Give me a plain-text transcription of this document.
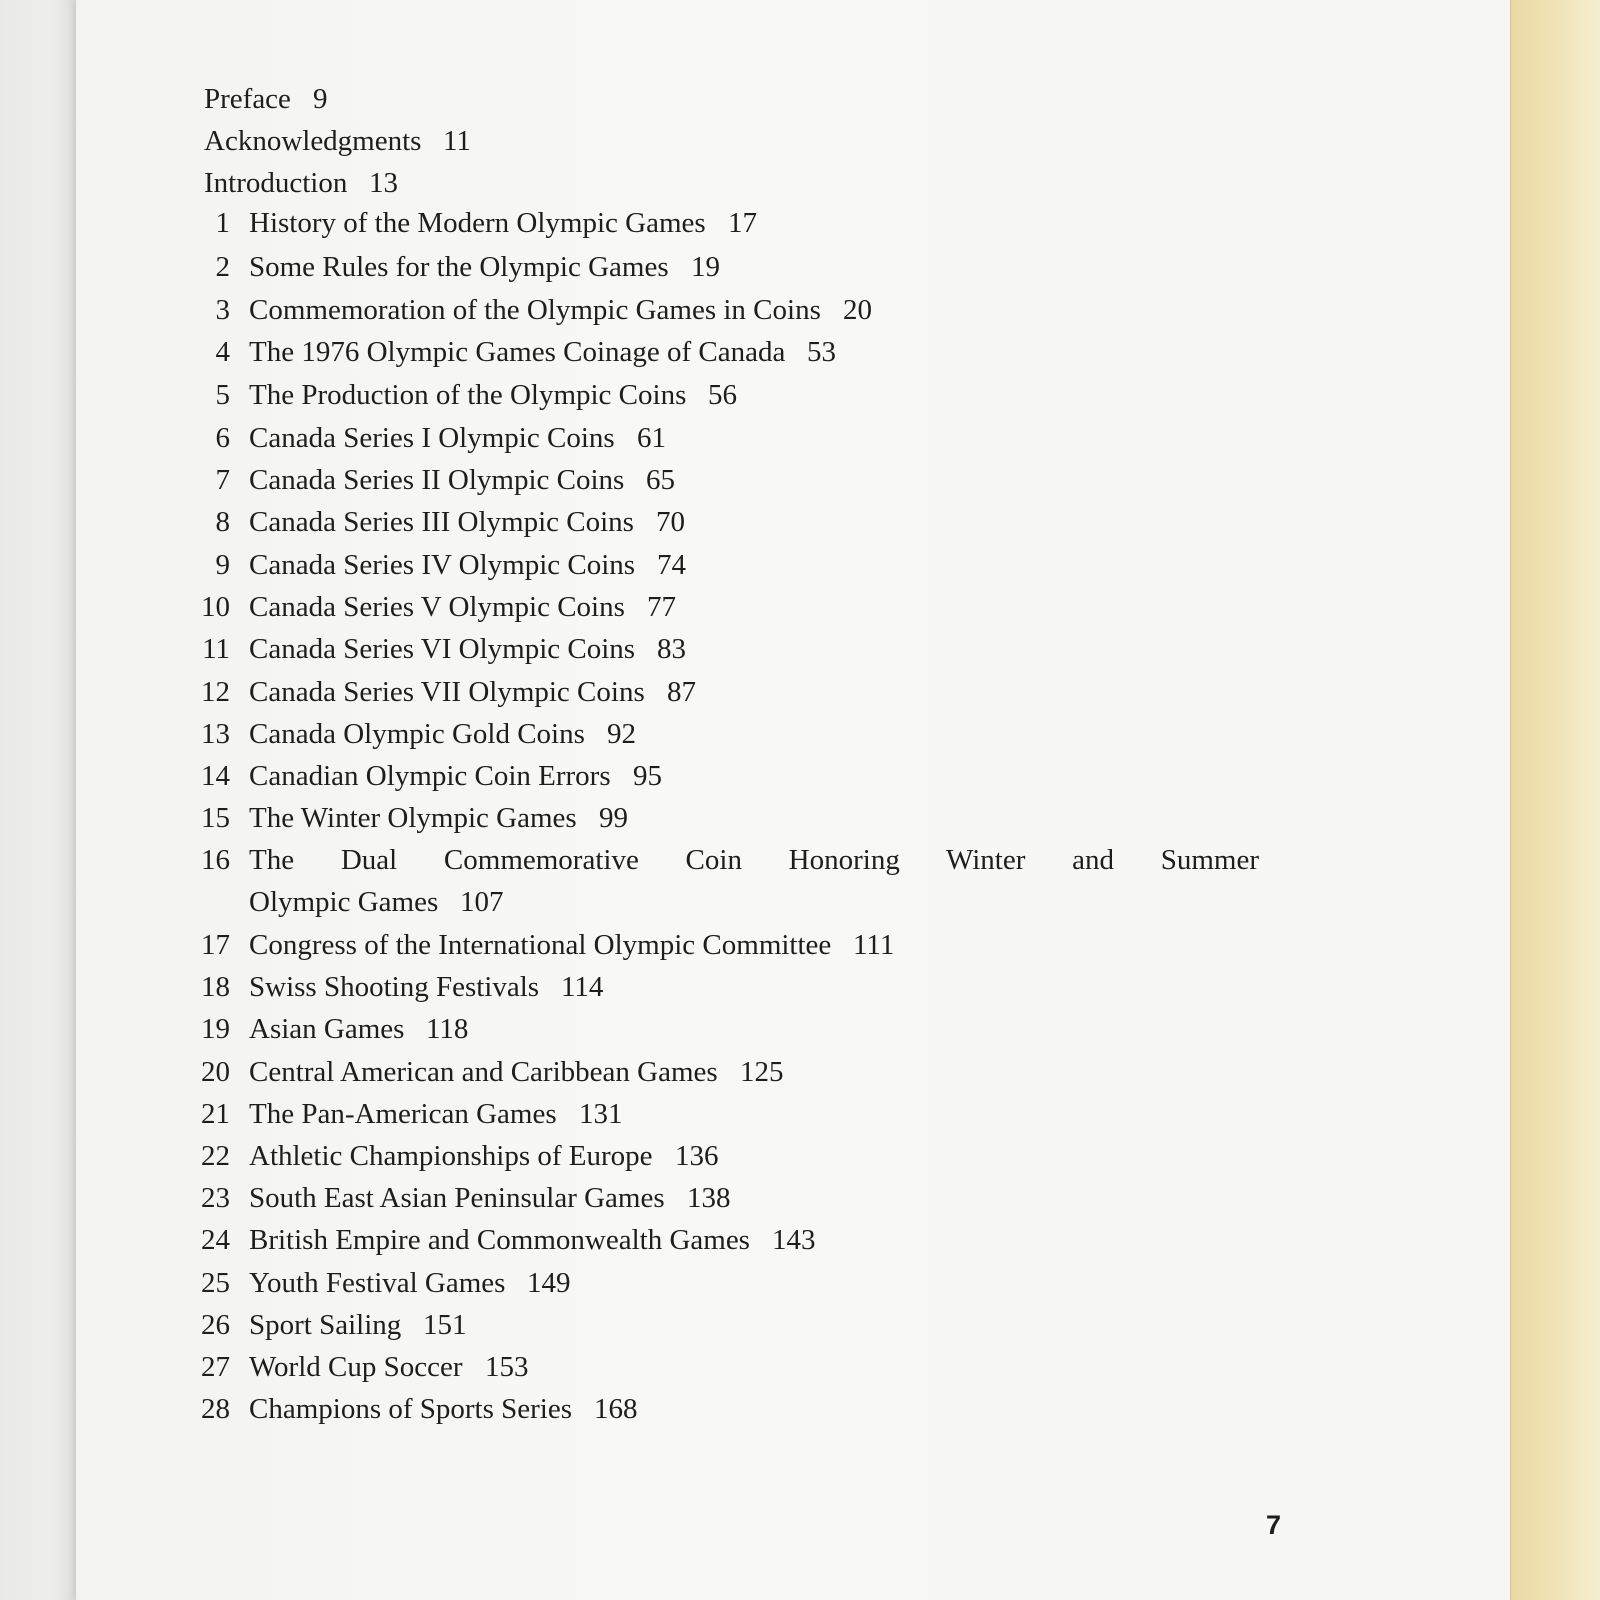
Preface 9
Acknowledgments 11
Introduction 13
1 History of the Modern Olympic Games 17
2 Some Rules for the Olympic Games 19
3 Commemoration of the Olympic Games in Coins 20
4 The 1976 Olympic Games Coinage of Canada 53
5 The Production of the Olympic Coins 56
6 Canada Series I Olympic Coins 61
7 Canada Series II Olympic Coins 65
8 Canada Series III Olympic Coins 70
9 Canada Series IV Olympic Coins 74
10 Canada Series V Olympic Coins 77
11 Canada Series VI Olympic Coins 83
12 Canada Series VII Olympic Coins 87
13 Canada Olympic Gold Coins 92
14 Canadian Olympic Coin Errors 95
15 The Winter Olympic Games 99
16 The Dual Commemorative Coin Honoring Winter and Summer
Olympic Games 107
17 Congress of the International Olympic Committee 111
18 Swiss Shooting Festivals 114
19 Asian Games 118
20 Central American and Caribbean Games 125
21 The Pan-American Games 131
22 Athletic Championships of Europe 136
23 South East Asian Peninsular Games 138
24 British Empire and Commonwealth Games 143
25 Youth Festival Games 149
26 Sport Sailing 151
27 World Cup Soccer 153
28 Champions of Sports Series 168
7
